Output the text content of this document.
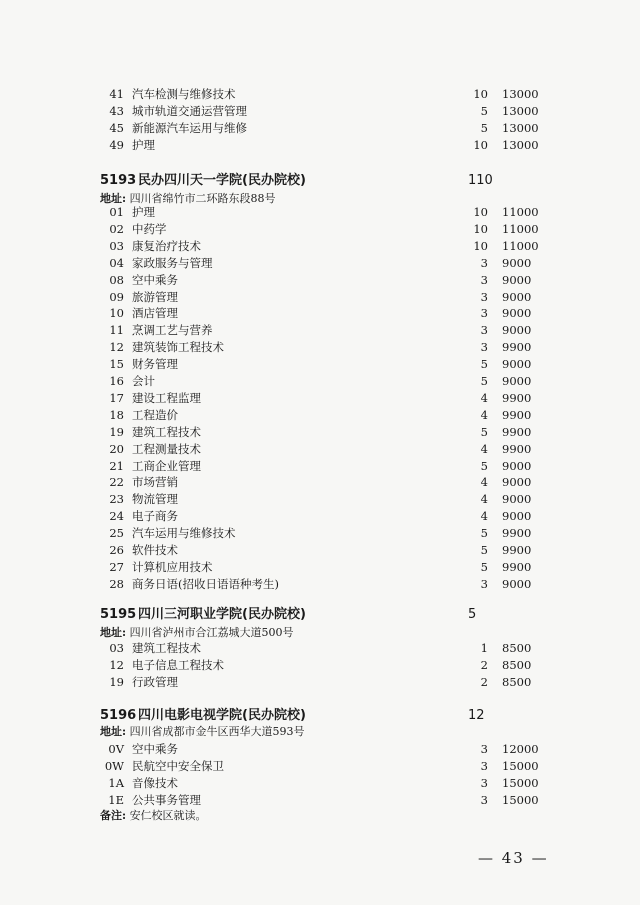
41 汽车检测与维修技术	10 13000
43 城市轨道交通运营管理	5 13000
45 新能源汽车运用与维修	5 13000
49 护理	10 13000
5193 民办四川天一学院(民办院校)	110
地址: 四川省绵竹市二环路东段88号
01 护理	10 11000
02 中药学	10 11000
03 康复治疗技术	10 11000
04 家政服务与管理	3 9000
08 空中乘务	3 9000
09 旅游管理	3 9000
10 酒店管理	3 9000
11 烹调工艺与营养	3 9000
12 建筑装饰工程技术	3 9900
15 财务管理	5 9000
16 会计	5 9000
17 建设工程监理	4 9900
18 工程造价	4 9900
19 建筑工程技术	5 9900
20 工程测量技术	4 9900
21 工商企业管理	5 9000
22 市场营销	4 9000
23 物流管理	4 9000
24 电子商务	4 9000
25 汽车运用与维修技术	5 9900
26 软件技术	5 9900
27 计算机应用技术	5 9900
28 商务日语(招收日语语种考生)	3 9000
5195 四川三河职业学院(民办院校)	5
地址: 四川省泸州市合江荔城大道500号
03 建筑工程技术	1 8500
12 电子信息工程技术	2 8500
19 行政管理	2 8500
5196 四川电影电视学院(民办院校)	12
地址: 四川省成都市金牛区西华大道593号
0V 空中乘务	3 12000
0W 民航空中安全保卫	3 15000
1A 音像技术	3 15000
1E 公共事务管理	3 15000
备注: 安仁校区就读。
— 43 —
